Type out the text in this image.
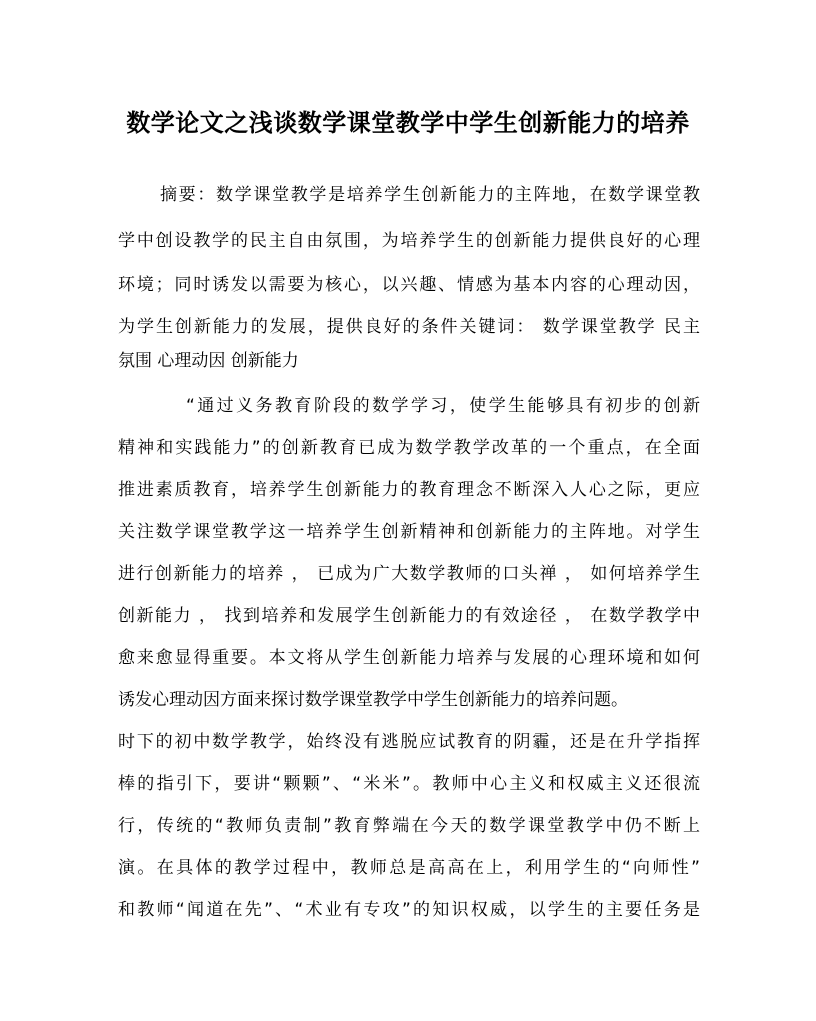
数学论文之浅谈数学课堂教学中学生创新能力的培养
摘要：数学课堂教学是培养学生创新能力的主阵地，在数学课堂教
学中创设教学的民主自由氛围，为培养学生的创新能力提供良好的心理
环境；同时诱发以需要为核心，以兴趣、情感为基本内容的心理动因，
为学生创新能力的发展，提供良好的条件关键词： 数学课堂教学 民主
氛围 心理动因 创新能力
“通过义务教育阶段的数学学习，使学生能够具有初步的创新
精神和实践能力”的创新教育已成为数学教学改革的一个重点，在全面
推进素质教育，培养学生创新能力的教育理念不断深入人心之际，更应
关注数学课堂教学这一培养学生创新精神和创新能力的主阵地。对学生
进行创新能力的培养 ， 已成为广大数学教师的口头禅 ， 如何培养学生
创新能力 ， 找到培养和发展学生创新能力的有效途径 ， 在数学教学中
愈来愈显得重要。本文将从学生创新能力培养与发展的心理环境和如何
诱发心理动因方面来探讨数学课堂教学中学生创新能力的培养问题。
时下的初中数学教学，始终没有逃脱应试教育的阴霾，还是在升学指挥
棒的指引下，要讲“颗颗”、“米米”。教师中心主义和权威主义还很流
行，传统的“教师负责制”教育弊端在今天的数学课堂教学中仍不断上
演。在具体的教学过程中，教师总是高高在上，利用学生的“向师性”
和教师“闻道在先”、“术业有专攻”的知识权威，以学生的主要任务是
